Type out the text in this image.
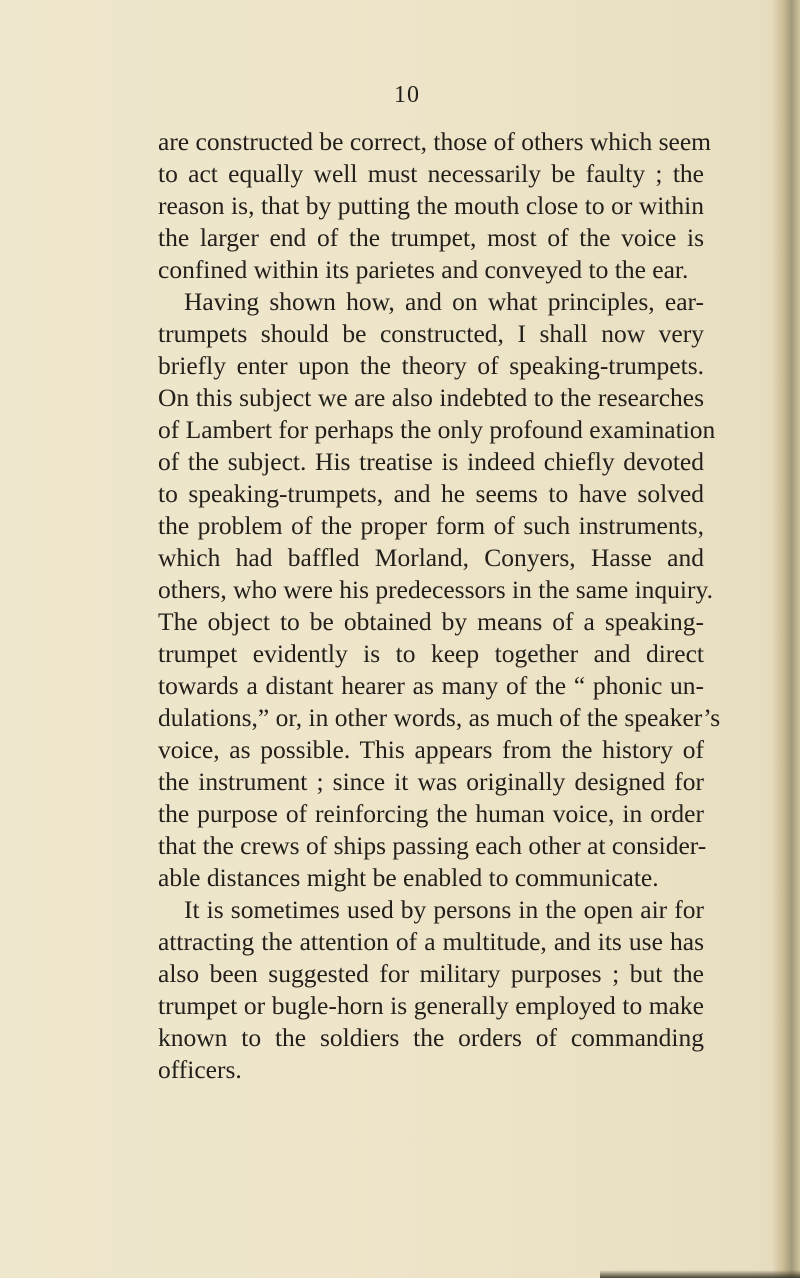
10
are constructed be correct, those of others which seem
to act equally well must necessarily be faulty ; the
reason is, that by putting the mouth close to or within
the larger end of the trumpet, most of the voice is
confined within its parietes and conveyed to the ear.
Having shown how, and on what principles, ear-
trumpets should be constructed, I shall now very
briefly enter upon the theory of speaking-trumpets.
On this subject we are also indebted to the researches
of Lambert for perhaps the only profound examination
of the subject. His treatise is indeed chiefly devoted
to speaking-trumpets, and he seems to have solved
the problem of the proper form of such instruments,
which had baffled Morland, Conyers, Hasse and
others, who were his predecessors in the same inquiry.
The object to be obtained by means of a speaking-
trumpet evidently is to keep together and direct
towards a distant hearer as many of the “ phonic un-
dulations,” or, in other words, as much of the speaker’s
voice, as possible. This appears from the history of
the instrument ; since it was originally designed for
the purpose of reinforcing the human voice, in order
that the crews of ships passing each other at consider-
able distances might be enabled to communicate.
It is sometimes used by persons in the open air for
attracting the attention of a multitude, and its use has
also been suggested for military purposes ; but the
trumpet or bugle-horn is generally employed to make
known to the soldiers the orders of commanding
officers.
